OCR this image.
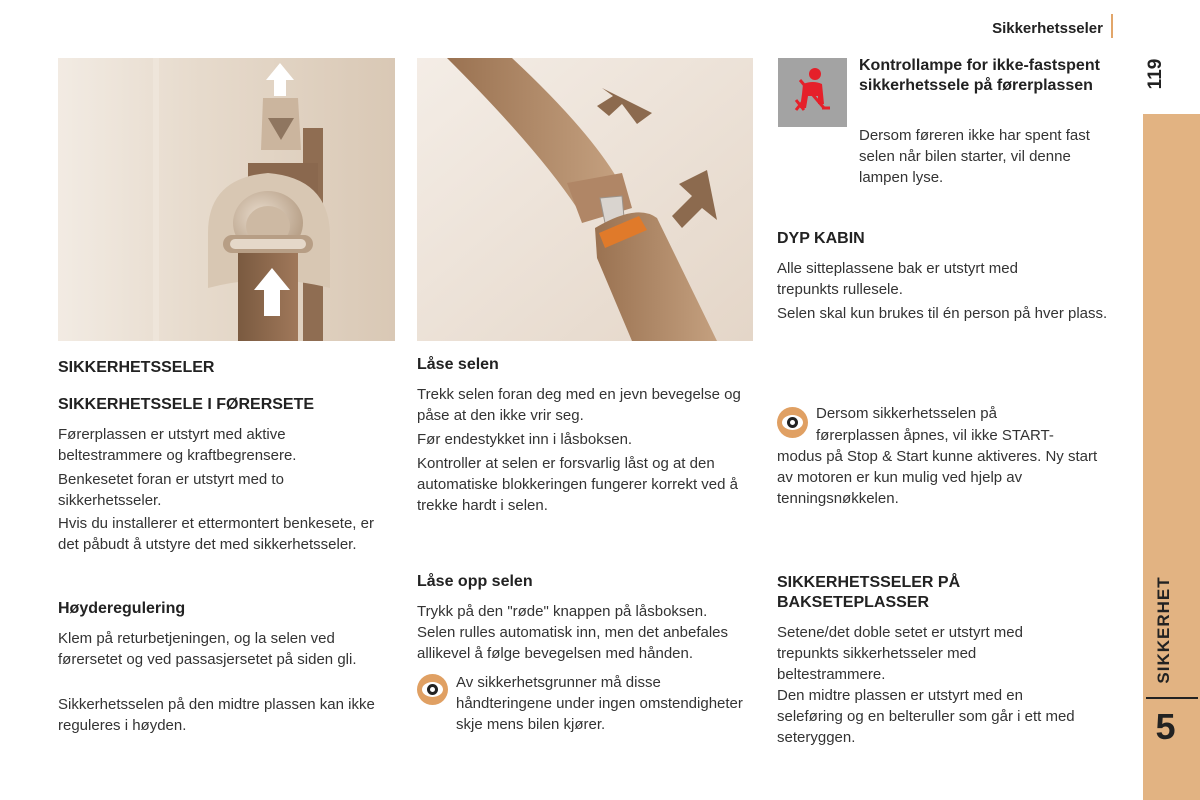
Sikkerhetsseler
119
SIKKERHET
5
SIKKERHETSSELER
SIKKERHETSSELE I FØRERSETE
Førerplassen er utstyrt med aktive beltestrammere og kraftbegrensere.
Benkesetet foran er utstyrt med to sikkerhetsseler.
Hvis du installerer et ettermontert benkesete, er det påbudt å utstyre det med sikkerhetsseler.
Høyderegulering
Klem på returbetjeningen, og la selen ved førersetet og ved passasjersetet på siden gli.
Sikkerhetsselen på den midtre plassen kan ikke reguleres i høyden.
Låse selen
Trekk selen foran deg med en jevn bevegelse og påse at den ikke vrir seg.
Før endestykket inn i låsboksen.
Kontroller at selen er forsvarlig låst og at den automatiske blokkeringen fungerer korrekt ved å trekke hardt i selen.
Låse opp selen
Trykk på den "røde" knappen på låsboksen.
Selen rulles automatisk inn, men det anbefales allikevel å følge bevegelsen med hånden.
Av sikkerhetsgrunner må disse håndteringene under ingen omstendigheter skje mens bilen kjører.
Kontrollampe for ikke-fastspent sikkerhetssele på førerplassen
Dersom føreren ikke har spent fast selen når bilen starter, vil denne lampen lyse.
DYP KABIN
Alle sitteplassene bak er utstyrt med trepunkts rullesele.
Selen skal kun brukes til én person på hver plass.
Dersom sikkerhetsselen på
førerplassen åpnes, vil ikke START-
modus på Stop & Start kunne aktiveres. Ny start av motoren er kun mulig ved hjelp av tenningsnøkkelen.
SIKKERHETSSELER PÅ BAKSETEPLASSER
Setene/det doble setet er utstyrt med trepunkts sikkerhetsseler med beltestrammere.
Den midtre plassen er utstyrt med en seleføring og en belteruller som går i ett med seteryggen.
